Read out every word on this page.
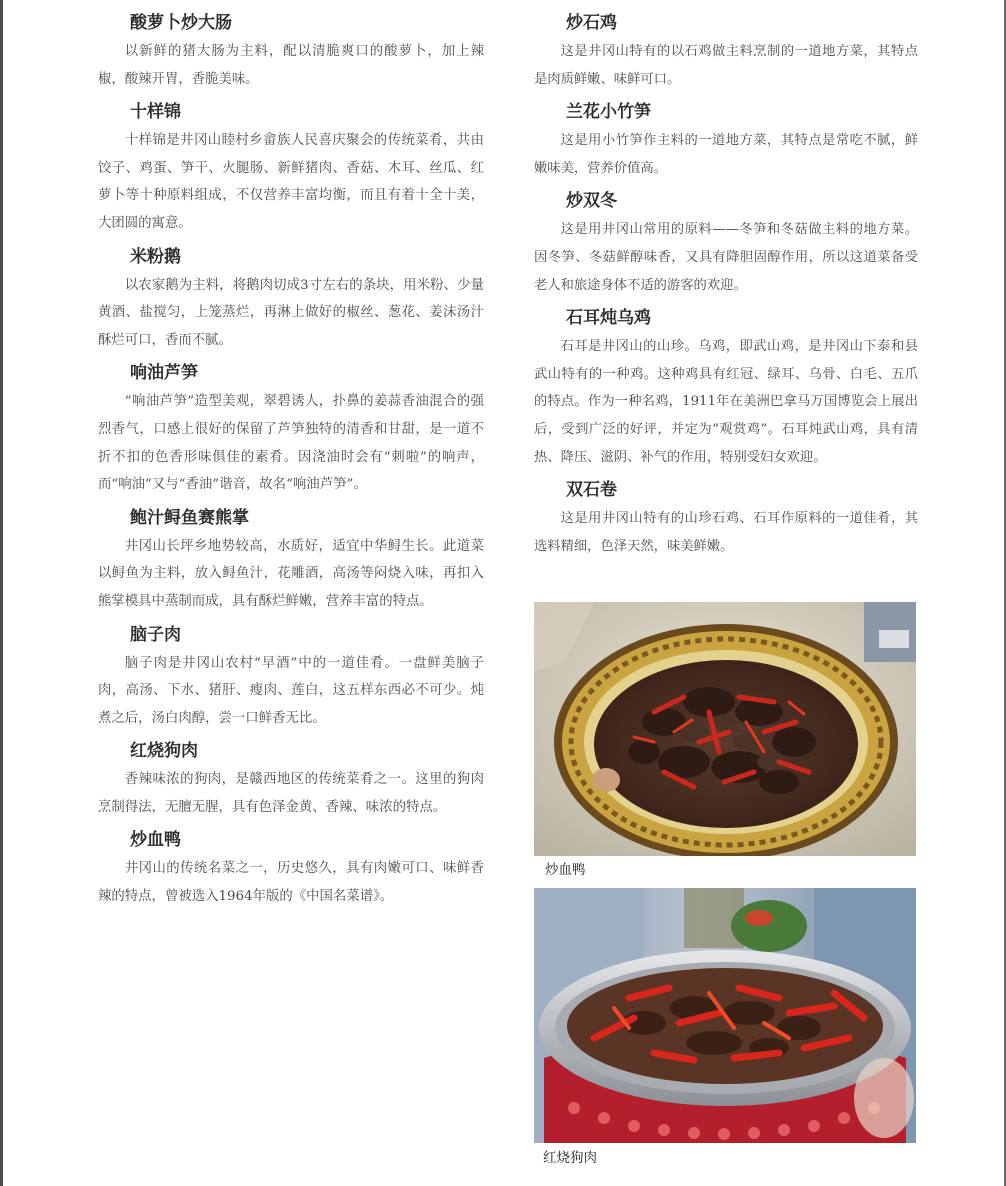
酸萝卜炒大肠

以新鲜的猪大肠为主料，配以清脆爽口的酸萝卜，加上辣椒，酸辣开胃，香脆美味。

十样锦

十样锦是井冈山睦村乡畲族人民喜庆聚会的传统菜肴，共由饺子、鸡蛋、笋干、火腿肠、新鲜猪肉、香菇、木耳、丝瓜、红萝卜等十种原料组成，不仅营养丰富均衡，而且有着十全十美，大团圆的寓意。

米粉鹅

以农家鹅为主料，将鹅肉切成3寸左右的条块，用米粉、少量黄酒、盐搅匀，上笼蒸烂，再淋上做好的椒丝、葱花、姜沫汤汁酥烂可口，香而不腻。

响油芦笋

“响油芦笋”造型美观，翠碧诱人，扑鼻的姜蒜香油混合的强烈香气，口感上很好的保留了芦笋独特的清香和甘甜，是一道不折不扣的色香形味俱佳的素肴。因浇油时会有“刺啦”的响声，而“响油”又与“香油”谐音，故名“响油芦笋”。

鲍汁鲟鱼赛熊掌

井冈山长坪乡地势较高，水质好，适宜中华鲟生长。此道菜以鲟鱼为主料，放入鲟鱼汁，花雕酒，高汤等闷烧入味，再扣入熊掌模具中蒸制而成，具有酥烂鲜嫩，营养丰富的特点。

脑子肉

脑子肉是井冈山农村“早酒”中的一道佳肴。一盘鲜美脑子肉，高汤、下水、猪肝、瘦肉、莲白，这五样东西必不可少。炖煮之后，汤白肉醇，尝一口鲜香无比。

红烧狗肉

香辣味浓的狗肉，是赣西地区的传统菜肴之一。这里的狗肉烹制得法，无膻无腥，具有色泽金黄、香辣、味浓的特点。

炒血鸭

井冈山的传统名菜之一，历史悠久，具有肉嫩可口、味鲜香辣的特点，曾被选入1964年版的《中国名菜谱》。

炒石鸡

这是井冈山特有的以石鸡做主料烹制的一道地方菜，其特点是肉质鲜嫩、味鲜可口。

兰花小竹笋

这是用小竹笋作主料的一道地方菜，其特点是常吃不腻，鲜嫩味美，营养价值高。

炒双冬

这是用井冈山常用的原料——冬笋和冬菇做主料的地方菜。因冬笋、冬菇鲜醇味香，又具有降胆固醇作用，所以这道菜备受老人和旅途身体不适的游客的欢迎。

石耳炖乌鸡

石耳是井冈山的山珍。乌鸡，即武山鸡，是井冈山下泰和县武山特有的一种鸡。这种鸡具有红冠、绿耳、乌骨、白毛、五爪的特点。作为一种名鸡，1911年在美洲巴拿马万国博览会上展出后，受到广泛的好评，并定为“观赏鸡”。石耳炖武山鸡，具有清热、降压、滋阴、补气的作用，特别受妇女欢迎。

双石卷

这是用井冈山特有的山珍石鸡、石耳作原料的一道佳肴，其选料精细，色泽天然，味美鲜嫩。

炒血鸭
红烧狗肉
